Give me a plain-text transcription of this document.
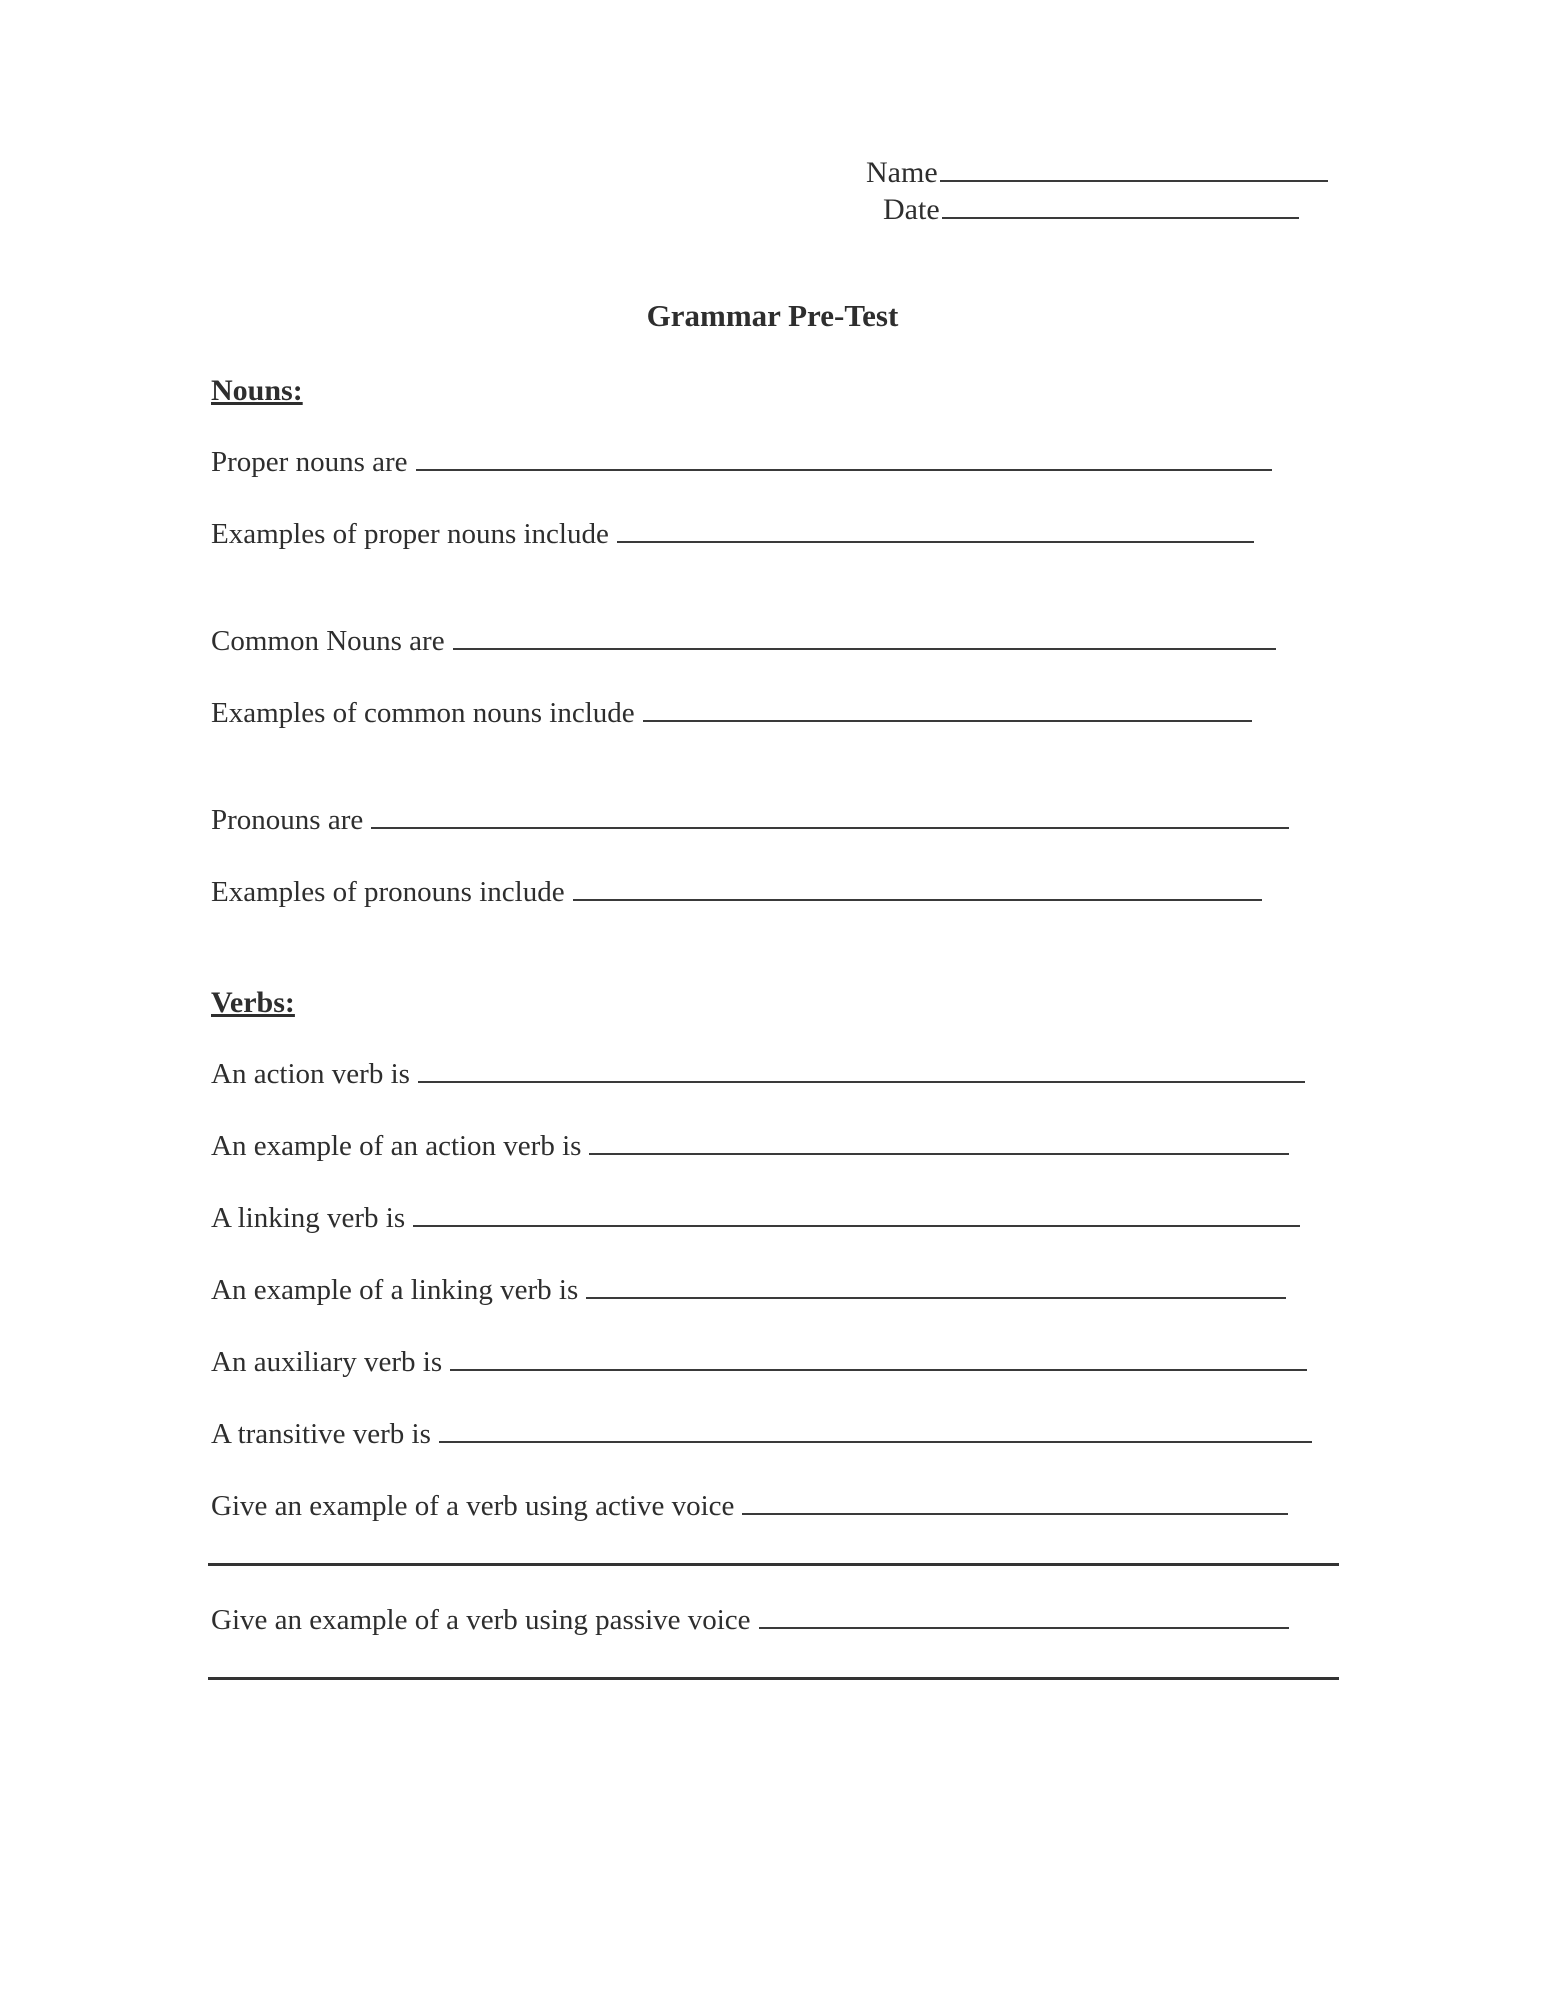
Name
Date
Grammar Pre-Test
Nouns:
Proper nouns are
Examples of proper nouns include
Common Nouns are
Examples of common nouns include
Pronouns are
Examples of pronouns include
Verbs:
An action verb is
An example of an action verb is
A linking verb is
An example of a linking verb is
An auxiliary verb is
A transitive verb is
Give an example of a verb using active voice
Give an example of a verb using passive voice
